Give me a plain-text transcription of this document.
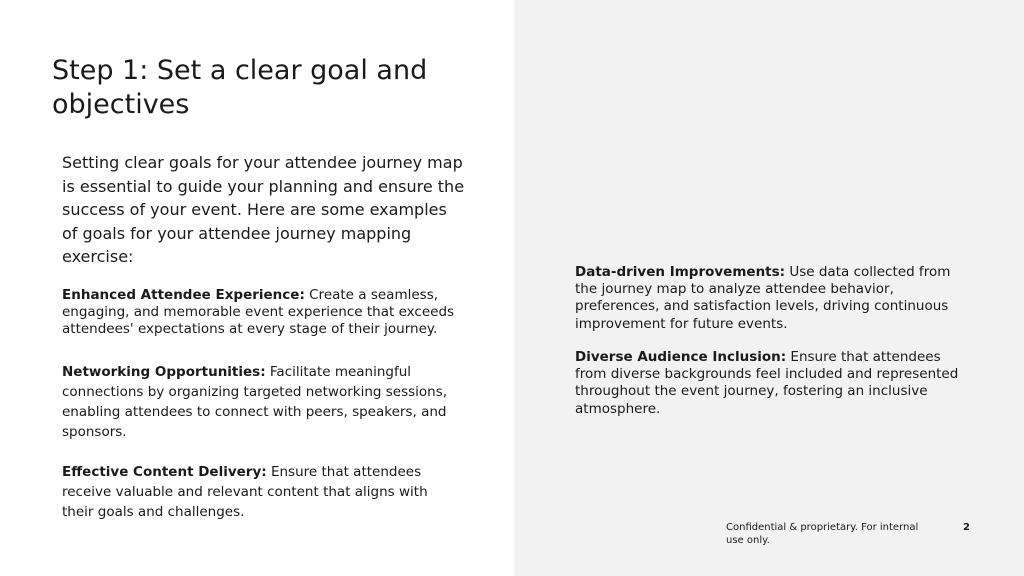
Step 1: Set a clear goal and objectives

Setting clear goals for your attendee journey map is essential to guide your planning and ensure the success of your event. Here are some examples of goals for your attendee journey mapping exercise:

Enhanced Attendee Experience: Create a seamless, engaging, and memorable event experience that exceeds attendees' expectations at every stage of their journey.

Networking Opportunities: Facilitate meaningful connections by organizing targeted networking sessions, enabling attendees to connect with peers, speakers, and sponsors.

Effective Content Delivery: Ensure that attendees receive valuable and relevant content that aligns with their goals and challenges.

Data-driven Improvements: Use data collected from the journey map to analyze attendee behavior, preferences, and satisfaction levels, driving continuous improvement for future events.

Diverse Audience Inclusion: Ensure that attendees from diverse backgrounds feel included and represented throughout the event journey, fostering an inclusive atmosphere.

Confidential & proprietary. For internal use only.

2
